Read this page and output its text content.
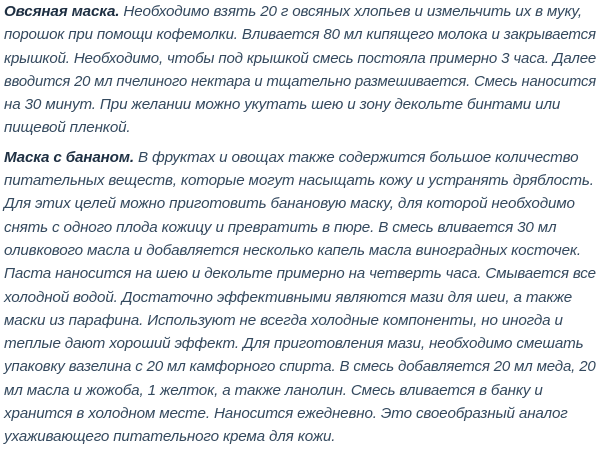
Овсяная маска. Необходимо взять 20 г овсяных хлопьев и измельчить их в муку,
порошок при помощи кофемолки. Вливается 80 мл кипящего молока и закрывается
крышкой. Необходимо, чтобы под крышкой смесь постояла примерно 3 часа. Далее
вводится 20 мл пчелиного нектара и тщательно размешивается. Смесь наносится
на 30 минут. При желании можно укутать шею и зону декольте бинтами или
пищевой пленкой.
Маска с бананом. В фруктах и овощах также содержится большое количество
питательных веществ, которые могут насыщать кожу и устранять дряблость.
Для этих целей можно приготовить банановую маску, для которой необходимо
снять с одного плода кожицу и превратить в пюре. В смесь вливается 30 мл
оливкового масла и добавляется несколько капель масла виноградных косточек.
Паста наносится на шею и декольте примерно на четверть часа. Смывается все
холодной водой. Достаточно эффективными являются мази для шеи, а также
маски из парафина. Используют не всегда холодные компоненты, но иногда и
теплые дают хороший эффект. Для приготовления мази, необходимо смешать
упаковку вазелина с 20 мл камфорного спирта. В смесь добавляется 20 мл меда, 20
мл масла и жожоба, 1 желток, а также ланолин. Смесь вливается в банку и
хранится в холодном месте. Наносится ежедневно. Это своеобразный аналог
ухаживающего питательного крема для кожи.
